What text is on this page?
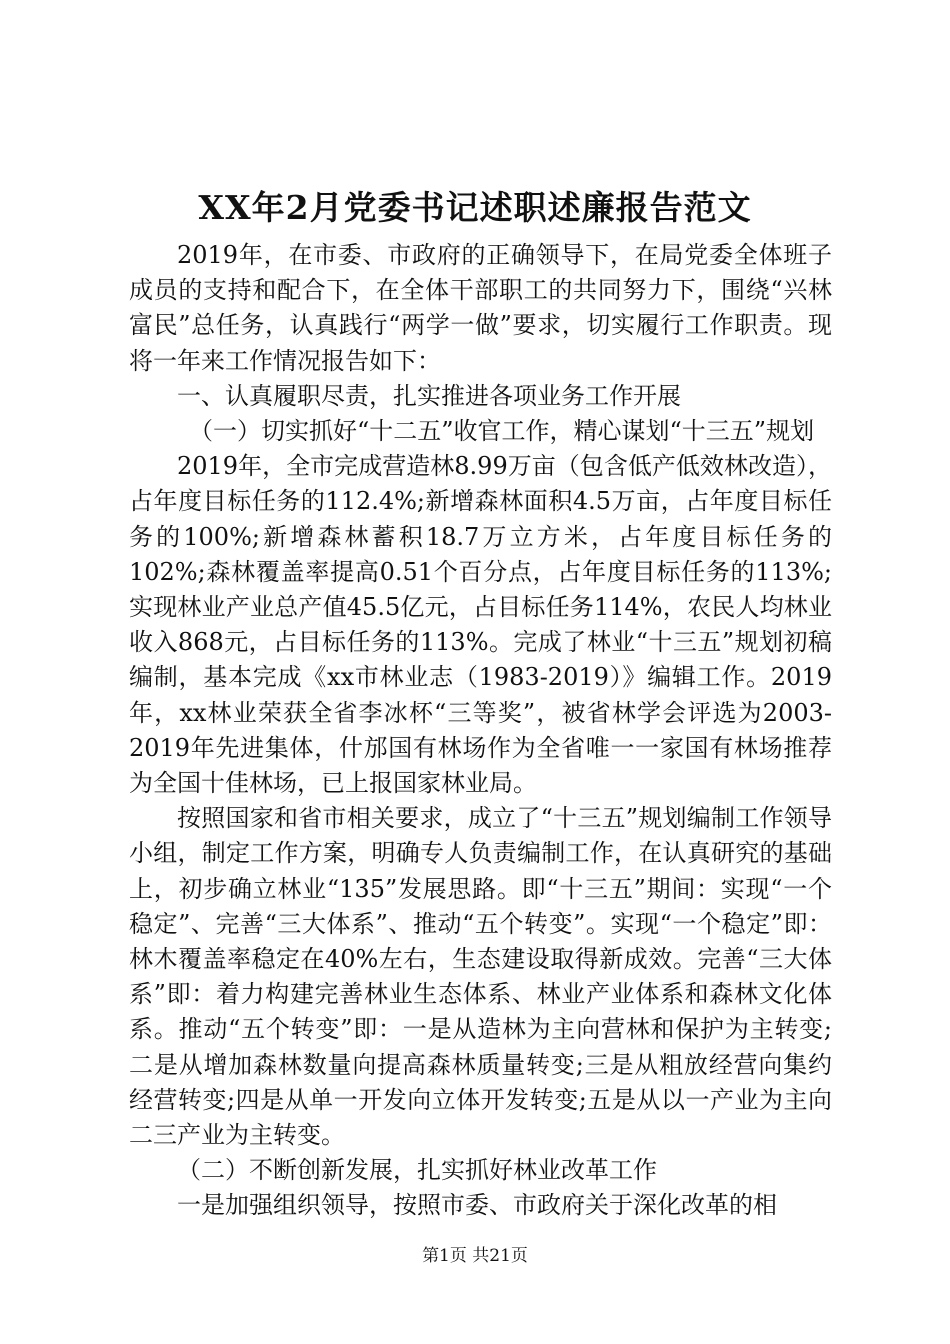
XX年2月党委书记述职述廉报告范文

2019年，在市委、市政府的正确领导下，在局党委全体班子成员的支持和配合下，在全体干部职工的共同努力下，围绕“兴林富民”总任务，认真践行“两学一做”要求，切实履行工作职责。现将一年来工作情况报告如下：

一、认真履职尽责，扎实推进各项业务工作开展

（一）切实抓好“十二五”收官工作，精心谋划“十三五”规划

2019年，全市完成营造林8.99万亩（包含低产低效林改造），占年度目标任务的112.4%;新增森林面积4.5万亩，占年度目标任务的100%;新增森林蓄积18.7万立方米，占年度目标任务的102%;森林覆盖率提高0.51个百分点，占年度目标任务的113%;实现林业产业总产值45.5亿元，占目标任务114%，农民人均林业收入868元，占目标任务的113%。完成了林业“十三五”规划初稿编制，基本完成《xx市林业志（1983-2019）》编辑工作。2019年，xx林业荣获全省李冰杯“三等奖”，被省林学会评选为2003-2019年先进集体，什邡国有林场作为全省唯一一家国有林场推荐为全国十佳林场，已上报国家林业局。

按照国家和省市相关要求，成立了“十三五”规划编制工作领导小组，制定工作方案，明确专人负责编制工作，在认真研究的基础上，初步确立林业“135”发展思路。即“十三五”期间：实现“一个稳定”、完善“三大体系”、推动“五个转变”。实现“一个稳定”即：林木覆盖率稳定在40%左右，生态建设取得新成效。完善“三大体系”即：着力构建完善林业生态体系、林业产业体系和森林文化体系。推动“五个转变”即：一是从造林为主向营林和保护为主转变;二是从增加森林数量向提高森林质量转变;三是从粗放经营向集约经营转变;四是从单一开发向立体开发转变;五是从以一产业为主向二三产业为主转变。

（二）不断创新发展，扎实抓好林业改革工作

一是加强组织领导，按照市委、市政府关于深化改革的相

第1页 共21页
